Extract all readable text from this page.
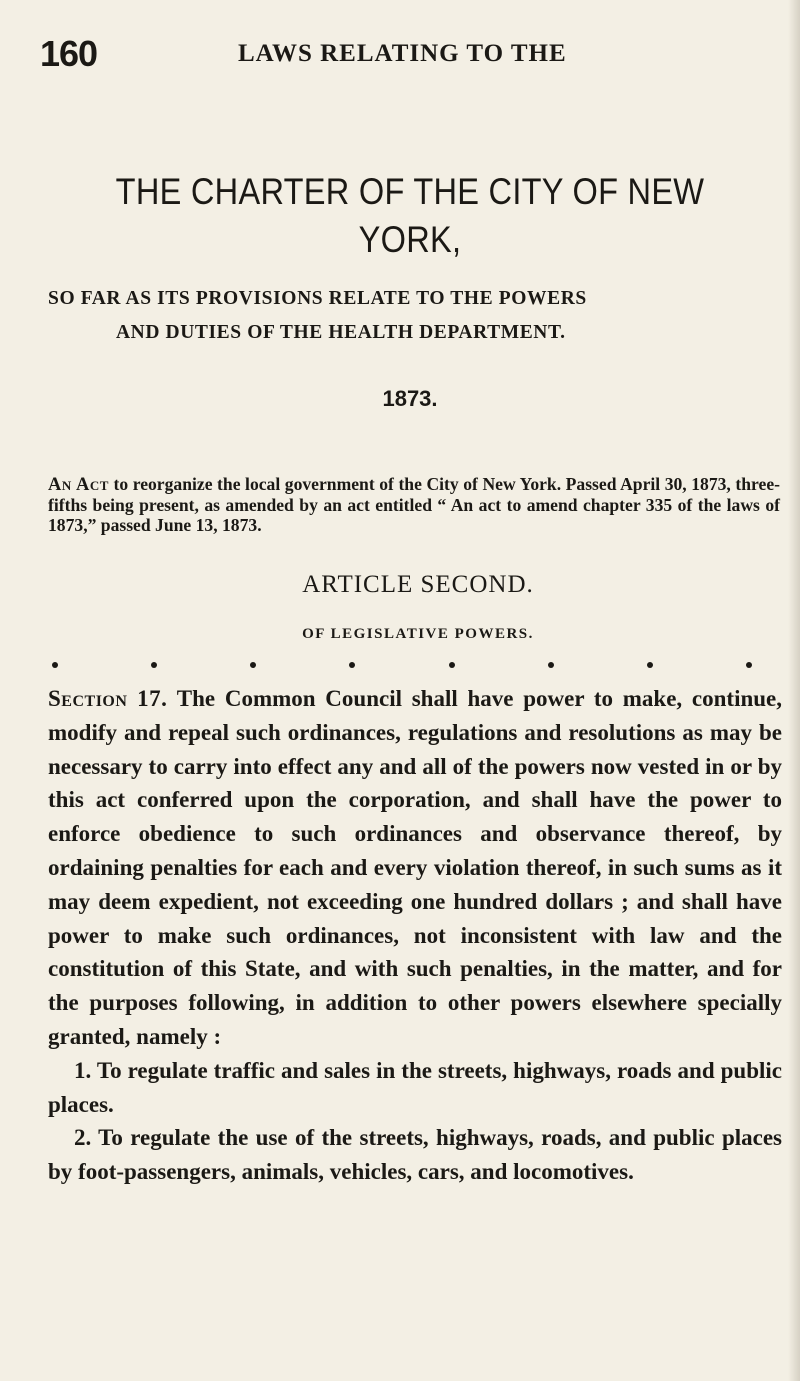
160	LAWS RELATING TO THE
THE CHARTER OF THE CITY OF NEW YORK,
SO FAR AS ITS PROVISIONS RELATE TO THE POWERS
AND DUTIES OF THE HEALTH DEPARTMENT.
1873.

An Act to reorganize the local government of the City of New York. Passed April 30, 1873, three-fifths being present, as amended by an act entitled “ An act to amend chapter 335 of the laws of 1873,” passed June 13, 1873.

ARTICLE SECOND.
OF LEGISLATIVE POWERS.

Section 17. The Common Council shall have power to make, continue, modify and repeal such ordinances, regulations and resolutions as may be necessary to carry into effect any and all of the powers now vested in or by this act conferred upon the corporation, and shall have the power to enforce obedience to such ordinances and observance thereof, by ordaining penalties for each and every violation thereof, in such sums as it may deem expedient, not exceeding one hundred dollars ; and shall have power to make such ordinances, not inconsistent with law and the constitution of this State, and with such penalties, in the matter, and for the purposes following, in addition to other powers elsewhere specially granted, namely :

1. To regulate traffic and sales in the streets, highways, roads and public places.

2. To regulate the use of the streets, highways, roads, and public places by foot-passengers, animals, vehicles, cars, and locomotives.
